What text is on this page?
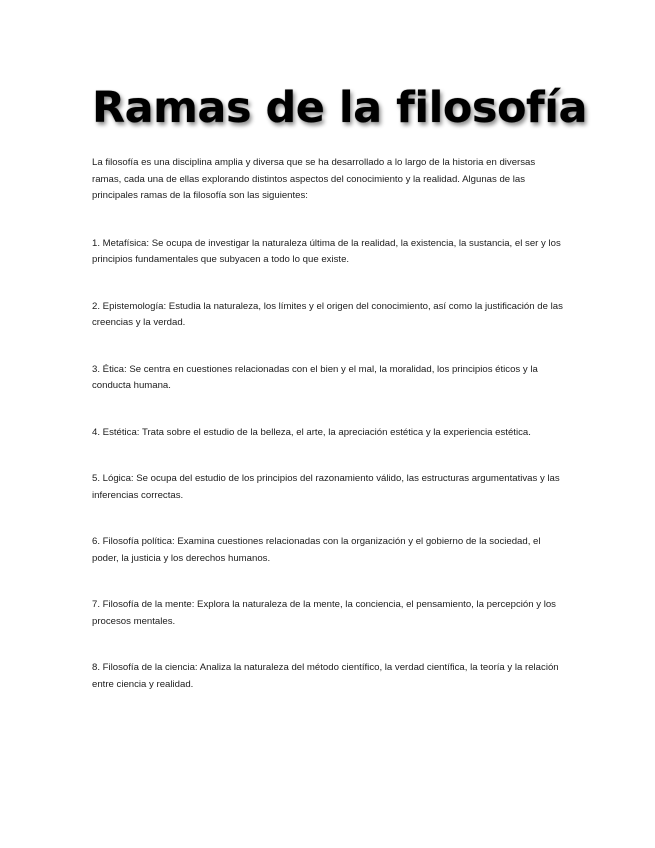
Ramas de la filosofía

La filosofía es una disciplina amplia y diversa que se ha desarrollado a lo largo de la historia en diversas ramas, cada una de ellas explorando distintos aspectos del conocimiento y la realidad. Algunas de las principales ramas de la filosofía son las siguientes:

1. Metafísica: Se ocupa de investigar la naturaleza última de la realidad, la existencia, la sustancia, el ser y los principios fundamentales que subyacen a todo lo que existe.

2. Epistemología: Estudia la naturaleza, los límites y el origen del conocimiento, así como la justificación de las creencias y la verdad.

3. Ética: Se centra en cuestiones relacionadas con el bien y el mal, la moralidad, los principios éticos y la conducta humana.

4. Estética: Trata sobre el estudio de la belleza, el arte, la apreciación estética y la experiencia estética.

5. Lógica: Se ocupa del estudio de los principios del razonamiento válido, las estructuras argumentativas y las inferencias correctas.

6. Filosofía política: Examina cuestiones relacionadas con la organización y el gobierno de la sociedad, el poder, la justicia y los derechos humanos.

7. Filosofía de la mente: Explora la naturaleza de la mente, la conciencia, el pensamiento, la percepción y los procesos mentales.

8. Filosofía de la ciencia: Analiza la naturaleza del método científico, la verdad científica, la teoría y la relación entre ciencia y realidad.
